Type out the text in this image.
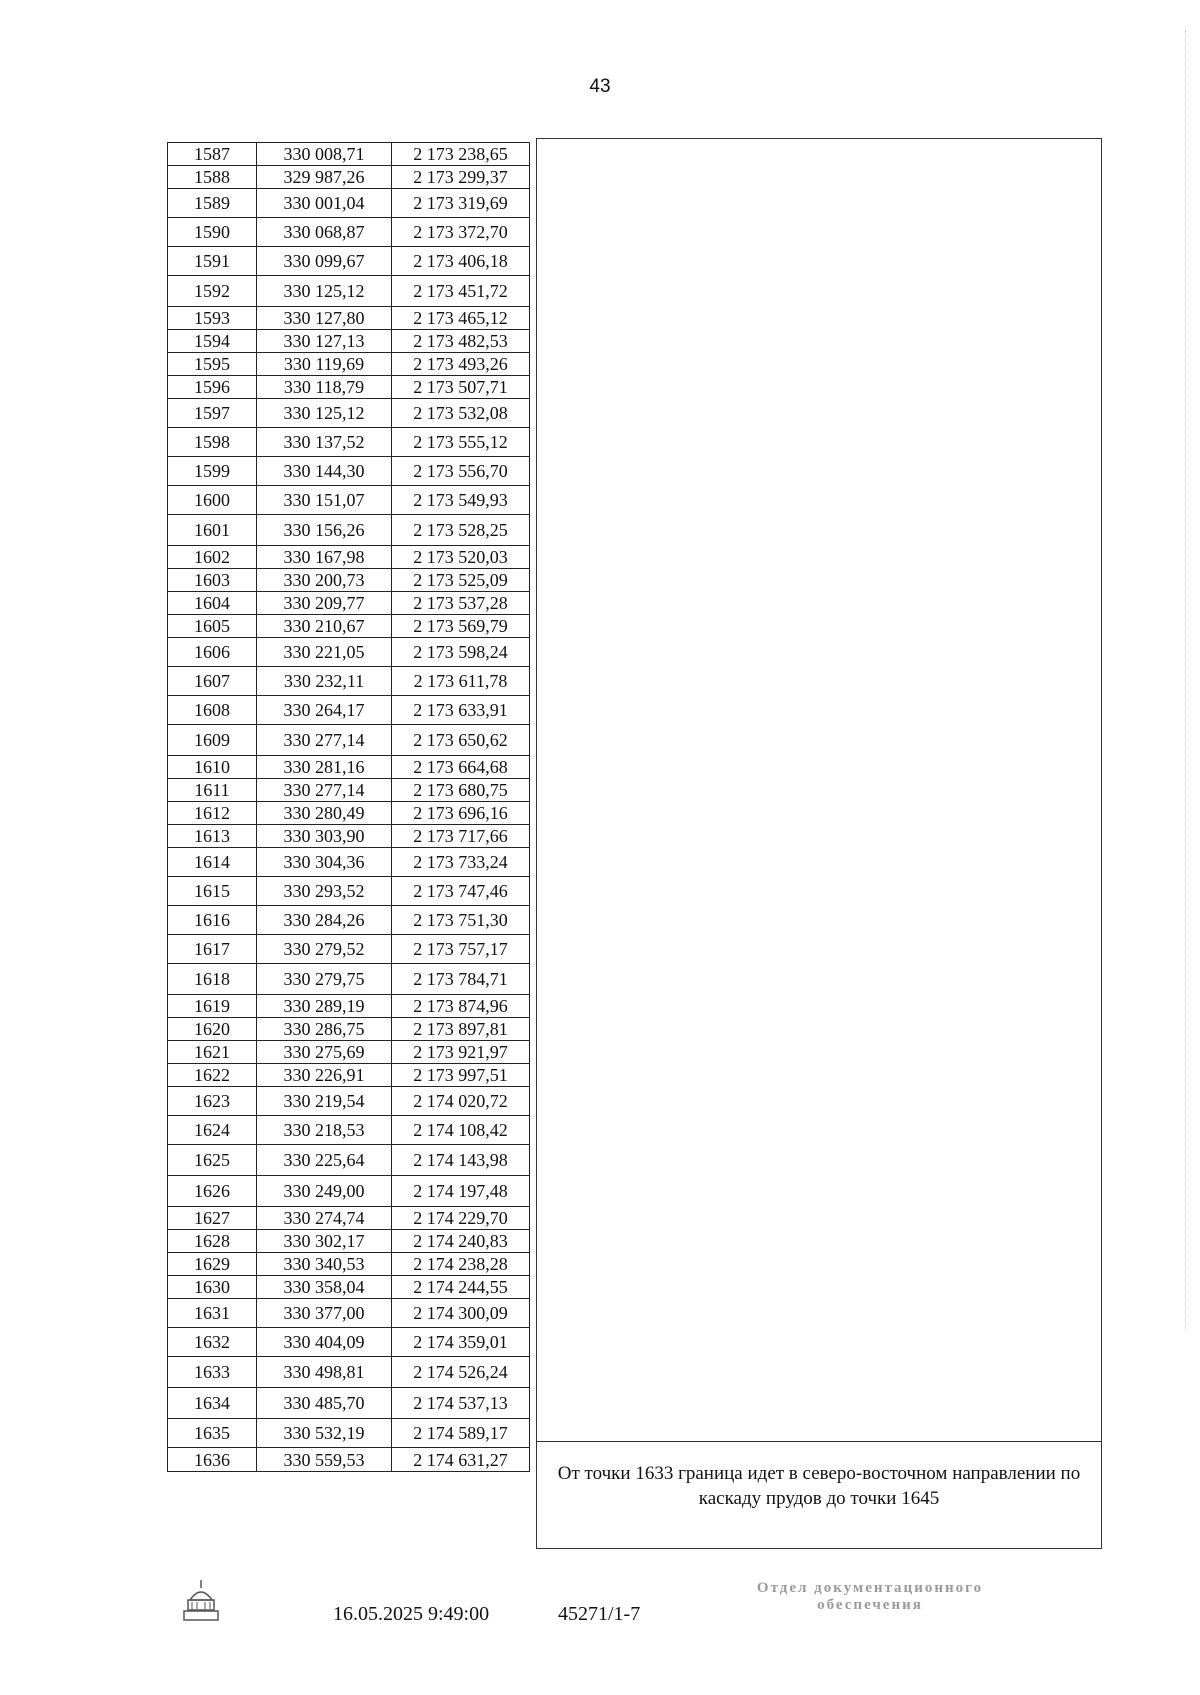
43
1587	330 008,71	2 173 238,65
1588	329 987,26	2 173 299,37
1589	330 001,04	2 173 319,69
1590	330 068,87	2 173 372,70
1591	330 099,67	2 173 406,18
1592	330 125,12	2 173 451,72
1593	330 127,80	2 173 465,12
1594	330 127,13	2 173 482,53
1595	330 119,69	2 173 493,26
1596	330 118,79	2 173 507,71
1597	330 125,12	2 173 532,08
1598	330 137,52	2 173 555,12
1599	330 144,30	2 173 556,70
1600	330 151,07	2 173 549,93
1601	330 156,26	2 173 528,25
1602	330 167,98	2 173 520,03
1603	330 200,73	2 173 525,09
1604	330 209,77	2 173 537,28
1605	330 210,67	2 173 569,79
1606	330 221,05	2 173 598,24
1607	330 232,11	2 173 611,78
1608	330 264,17	2 173 633,91
1609	330 277,14	2 173 650,62
1610	330 281,16	2 173 664,68
1611	330 277,14	2 173 680,75
1612	330 280,49	2 173 696,16
1613	330 303,90	2 173 717,66
1614	330 304,36	2 173 733,24
1615	330 293,52	2 173 747,46
1616	330 284,26	2 173 751,30
1617	330 279,52	2 173 757,17
1618	330 279,75	2 173 784,71
1619	330 289,19	2 173 874,96
1620	330 286,75	2 173 897,81
1621	330 275,69	2 173 921,97
1622	330 226,91	2 173 997,51
1623	330 219,54	2 174 020,72
1624	330 218,53	2 174 108,42
1625	330 225,64	2 174 143,98
1626	330 249,00	2 174 197,48
1627	330 274,74	2 174 229,70
1628	330 302,17	2 174 240,83
1629	330 340,53	2 174 238,28
1630	330 358,04	2 174 244,55
1631	330 377,00	2 174 300,09
1632	330 404,09	2 174 359,01
1633	330 498,81	2 174 526,24
1634	330 485,70	2 174 537,13
1635	330 532,19	2 174 589,17
1636	330 559,53	2 174 631,27
От точки 1633 граница идет в северо-восточном направлении по каскаду прудов до точки 1645
16.05.2025 9:49:00	45271/1-7
Отдел документационного
обеспечения
